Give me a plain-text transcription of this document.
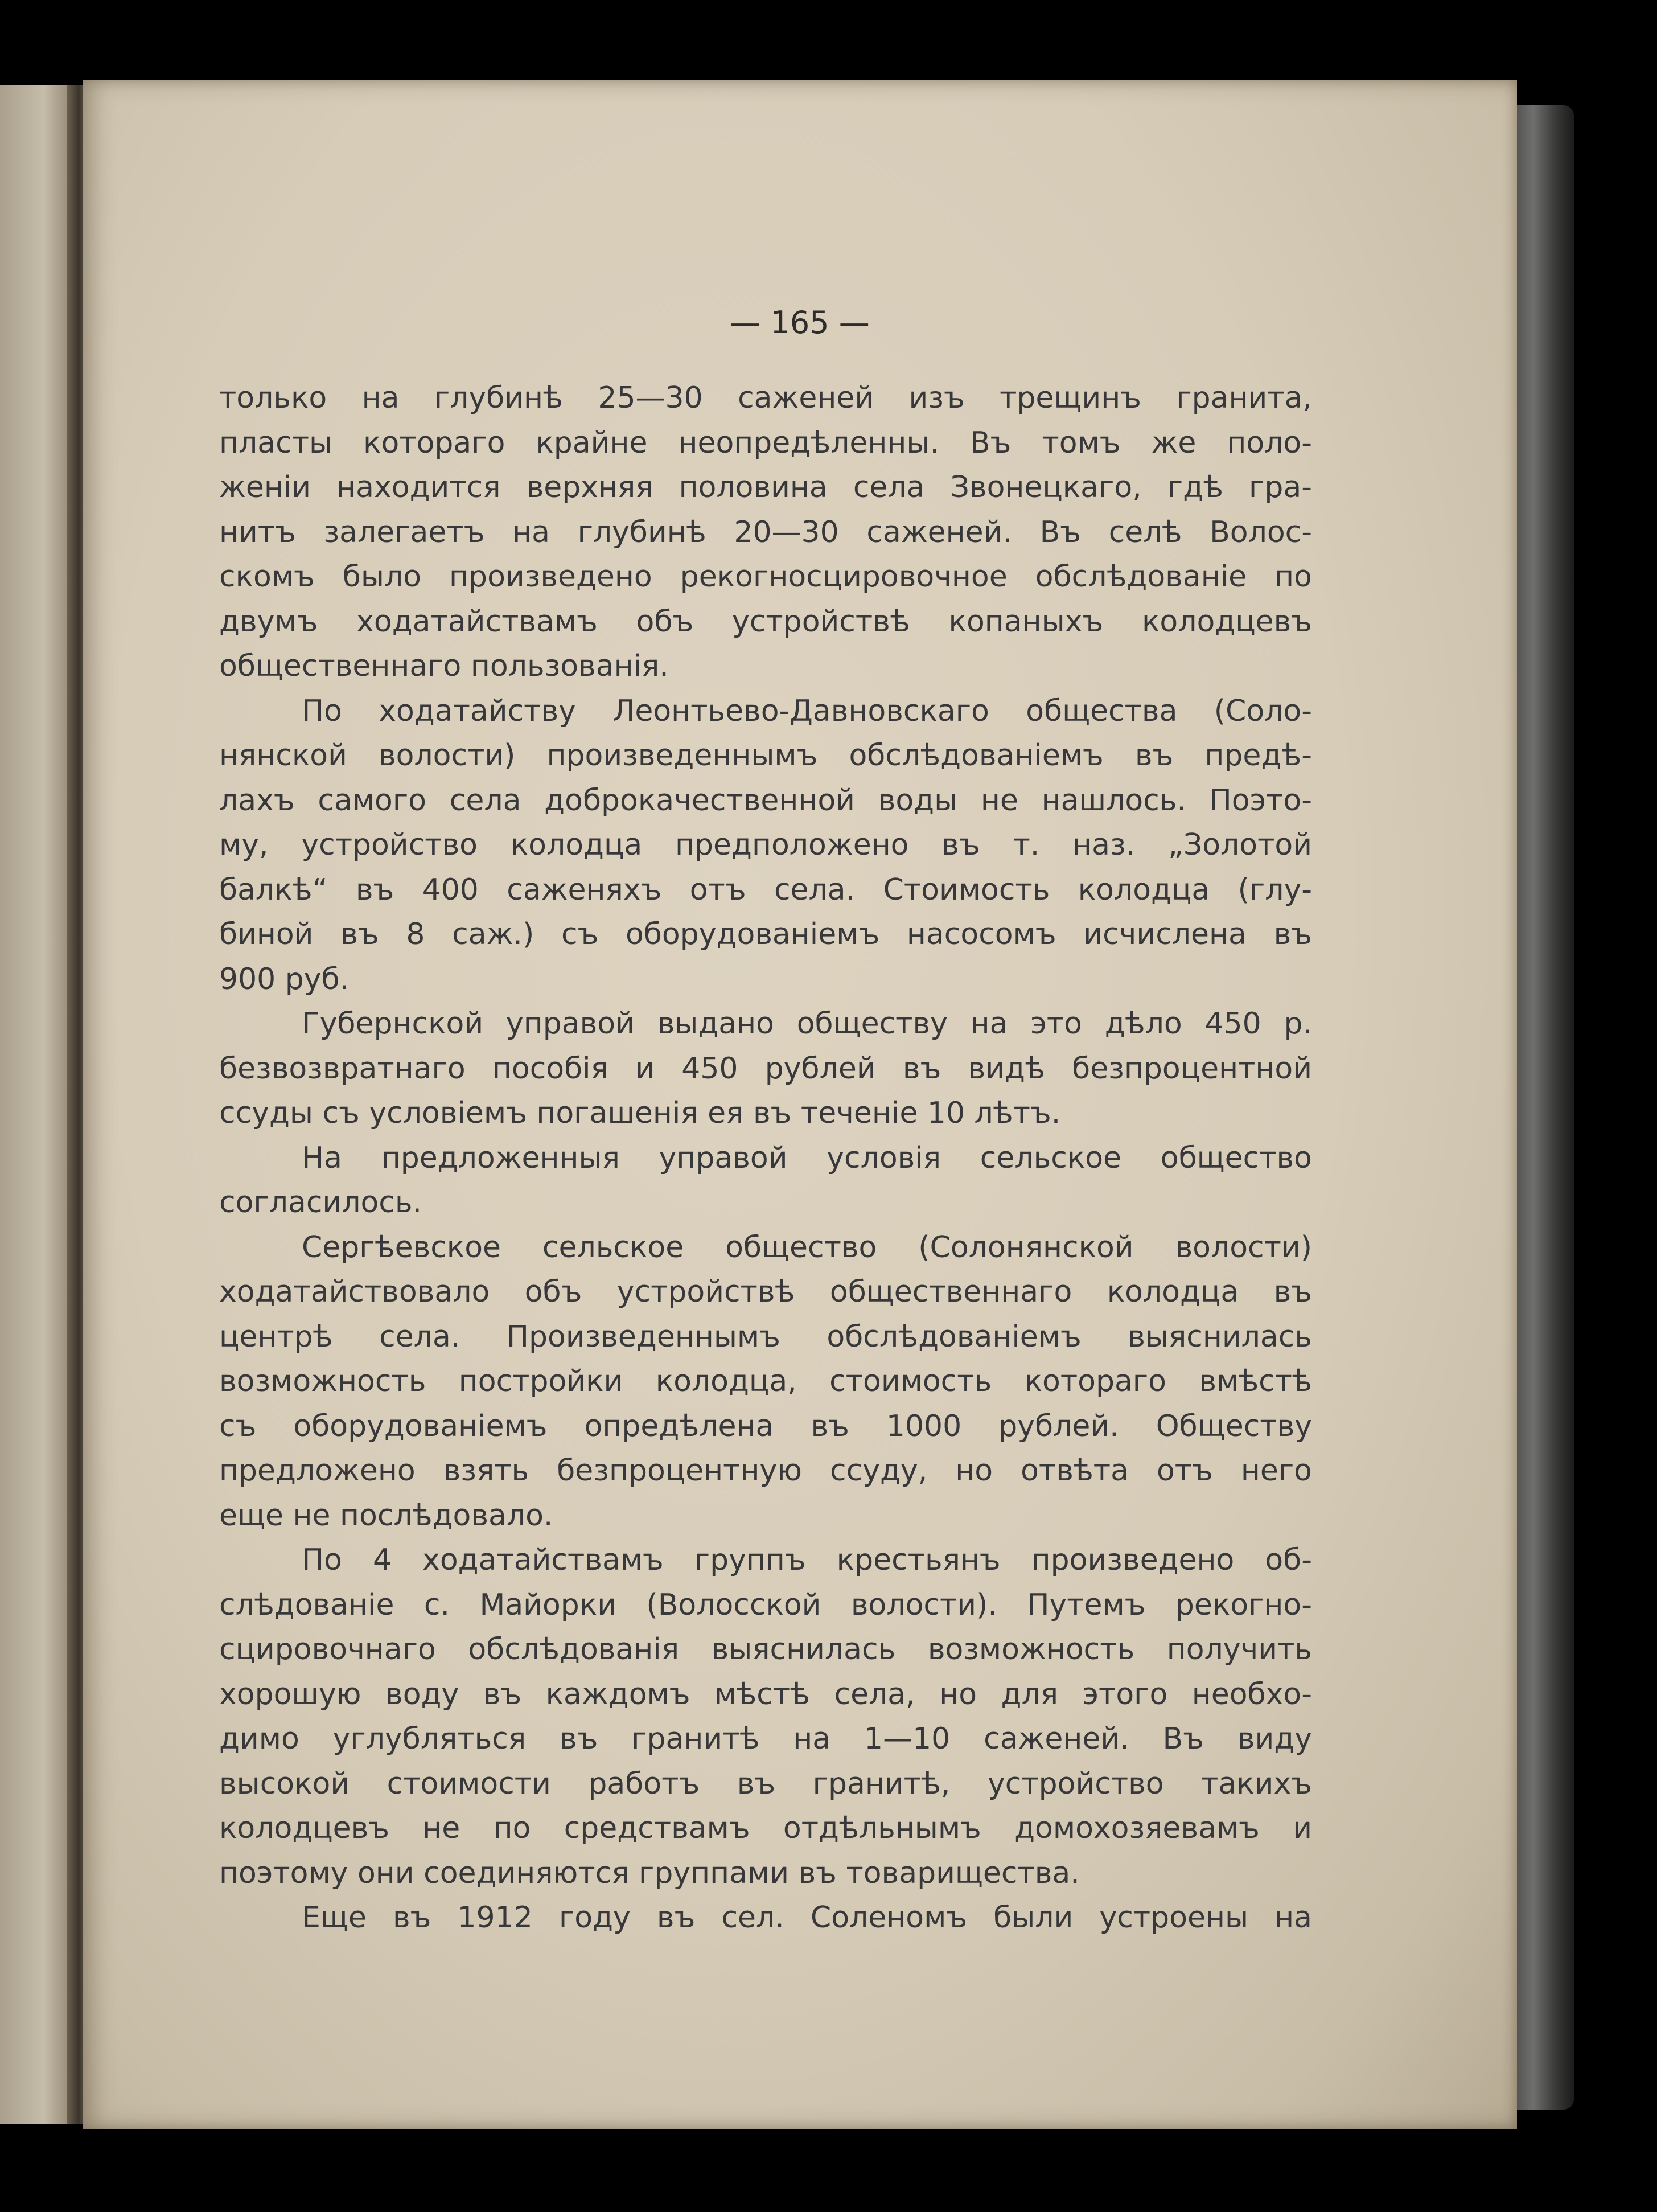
— 165 —
только на глубинѣ 25—30 саженей изъ трещинъ гранита,
пласты котораго крайне неопредѣленны. Въ томъ же поло-
женіи находится верхняя половина села Звонецкаго, гдѣ гра-
нитъ залегаетъ на глубинѣ 20—30 саженей. Въ селѣ Волос-
скомъ было произведено рекогносцировочное обслѣдованіе по
двумъ ходатайствамъ объ устройствѣ копаныхъ колодцевъ
общественнаго пользованія.
По ходатайству Леонтьево-Давновскаго общества (Соло-
нянской волости) произведеннымъ обслѣдованіемъ въ предѣ-
лахъ самого села доброкачественной воды не нашлось. Поэто-
му, устройство колодца предположено въ т. наз. „Золотой
балкѣ“ въ 400 саженяхъ отъ села. Стоимость колодца (глу-
биной въ 8 саж.) съ оборудованіемъ насосомъ исчислена въ
900 руб.
Губернской управой выдано обществу на это дѣло 450 р.
безвозвратнаго пособія и 450 рублей въ видѣ безпроцентной
ссуды съ условіемъ погашенія ея въ теченіе 10 лѣтъ.
На предложенныя управой условія сельское общество
согласилось.
Сергѣевское сельское общество (Солонянской волости)
ходатайствовало объ устройствѣ общественнаго колодца въ
центрѣ села. Произведеннымъ обслѣдованіемъ выяснилась
возможность постройки колодца, стоимость котораго вмѣстѣ
съ оборудованіемъ опредѣлена въ 1000 рублей. Обществу
предложено взять безпроцентную ссуду, но отвѣта отъ него
еще не послѣдовало.
По 4 ходатайствамъ группъ крестьянъ произведено об-
слѣдованіе с. Майорки (Волосской волости). Путемъ рекогно-
сцировочнаго обслѣдованія выяснилась возможность получить
хорошую воду въ каждомъ мѣстѣ села, но для этого необхо-
димо углубляться въ гранитѣ на 1—10 саженей. Въ виду
высокой стоимости работъ въ гранитѣ, устройство такихъ
колодцевъ не по средствамъ отдѣльнымъ домохозяевамъ и
поэтому они соединяются группами въ товарищества.
Еще въ 1912 году въ сел. Соленомъ были устроены на
